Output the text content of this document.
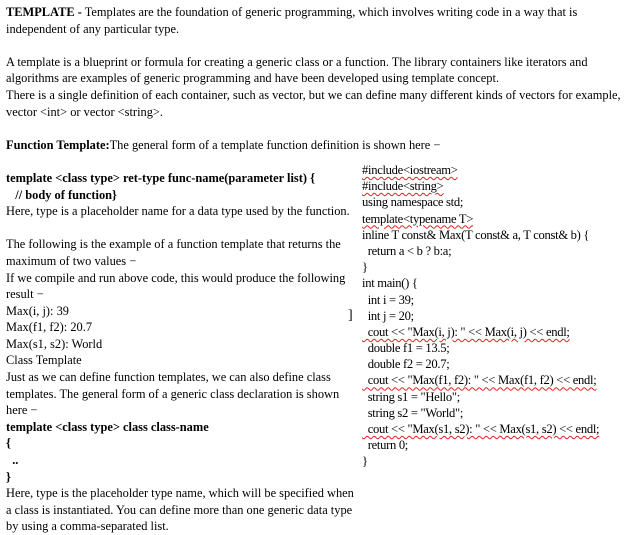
TEMPLATE - Templates are the foundation of generic programming, which involves writing code in a way that is independent of any particular type.

A template is a blueprint or formula for creating a generic class or a function. The library containers like iterators and algorithms are examples of generic programming and have been developed using template concept.

There is a single definition of each container, such as vector, but we can define many different kinds of vectors for example, vector <int> or vector <string>.

Function Template:The general form of a template function definition is shown here −

template <class type> ret-type func-name(parameter list) {

// body of function}

Here, type is a placeholder name for a data type used by the function.

The following is the example of a function template that returns the maximum of two values −

If we compile and run above code, this would produce the following result −

Max(i, j): 39

Max(f1, f2): 20.7

Max(s1, s2): World

Class Template

Just as we can define function templates, we can also define class templates. The general form of a generic class declaration is shown here −

template <class type> class class-name

{

..

}

Here, type is the placeholder type name, which will be specified when a class is instantiated. You can define more than one generic data type by using a comma-separated list.

]
#include<iostream>
#include<string>
using namespace std;
template<typename T>
inline T const& Max(T const& a, T const& b) {
return a < b ? b:a;
}
int main() {
int i = 39;
int j = 20;
cout << "Max(i, j): " << Max(i, j) << endl;
double f1 = 13.5;
double f2 = 20.7;
cout << "Max(f1, f2): " << Max(f1, f2) << endl;
string s1 = "Hello";
string s2 = "World";
cout << "Max(s1, s2): " << Max(s1, s2) << endl;
return 0;
}
